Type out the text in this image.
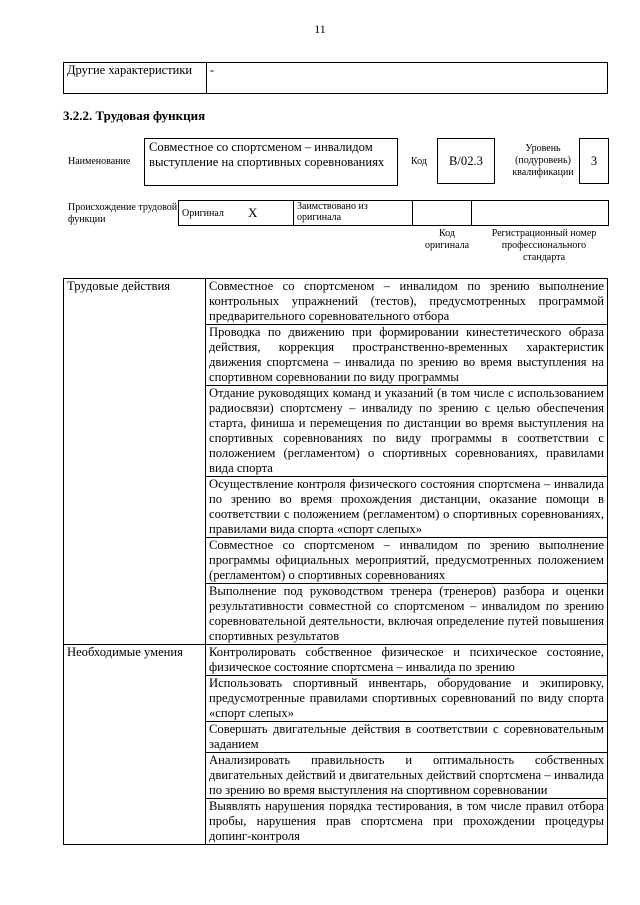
11
Другие характеристики	-
3.2.2. Трудовая функция
Наименование
Совместное со спортсменом – инвалидом выступление на спортивных соревнованиях	Код	В/02.3
Уровень (подуровень) квалификации
3
Происхождение трудовой функции
Оригинал	X	Заимствовано из оригинала		
Код оригинала
Регистрационный номер профессионального стандарта
Трудовые действия	Совместное со спортсменом – инвалидом по зрению выполнение контрольных упражнений (тестов), предусмотренных программой предварительного соревновательного отбора
	Проводка по движению при формировании кинестетического образа действия, коррекция пространственно-временных характеристик движения спортсмена – инвалида по зрению во время выступления на спортивном соревновании по виду программы
	Отдание руководящих команд и указаний (в том числе с использованием радиосвязи) спортсмену – инвалиду по зрению с целью обеспечения старта, финиша и перемещения по дистанции во время выступления на спортивных соревнованиях по виду программы в соответствии с положением (регламентом) о спортивных соревнованиях, правилами вида спорта
	Осуществление контроля физического состояния спортсмена – инвалида по зрению во время прохождения дистанции, оказание помощи в соответствии с положением (регламентом) о спортивных соревнованиях, правилами вида спорта «спорт слепых»
	Совместное со спортсменом – инвалидом по зрению выполнение программы официальных мероприятий, предусмотренных положением (регламентом) о спортивных соревнованиях
	Выполнение под руководством тренера (тренеров) разбора и оценки результативности совместной со спортсменом – инвалидом по зрению соревновательной деятельности, включая определение путей повышения спортивных результатов
Необходимые умения	Контролировать собственное физическое и психическое состояние, физическое состояние спортсмена – инвалида по зрению
	Использовать спортивный инвентарь, оборудование и экипировку, предусмотренные правилами спортивных соревнований по виду спорта «спорт слепых»
	Совершать двигательные действия в соответствии с соревновательным заданием
	Анализировать правильность и оптимальность собственных двигательных действий и двигательных действий спортсмена – инвалида по зрению во время выступления на спортивном соревновании
	Выявлять нарушения порядка тестирования, в том числе правил отбора пробы, нарушения прав спортсмена при прохождении процедуры допинг-контроля
